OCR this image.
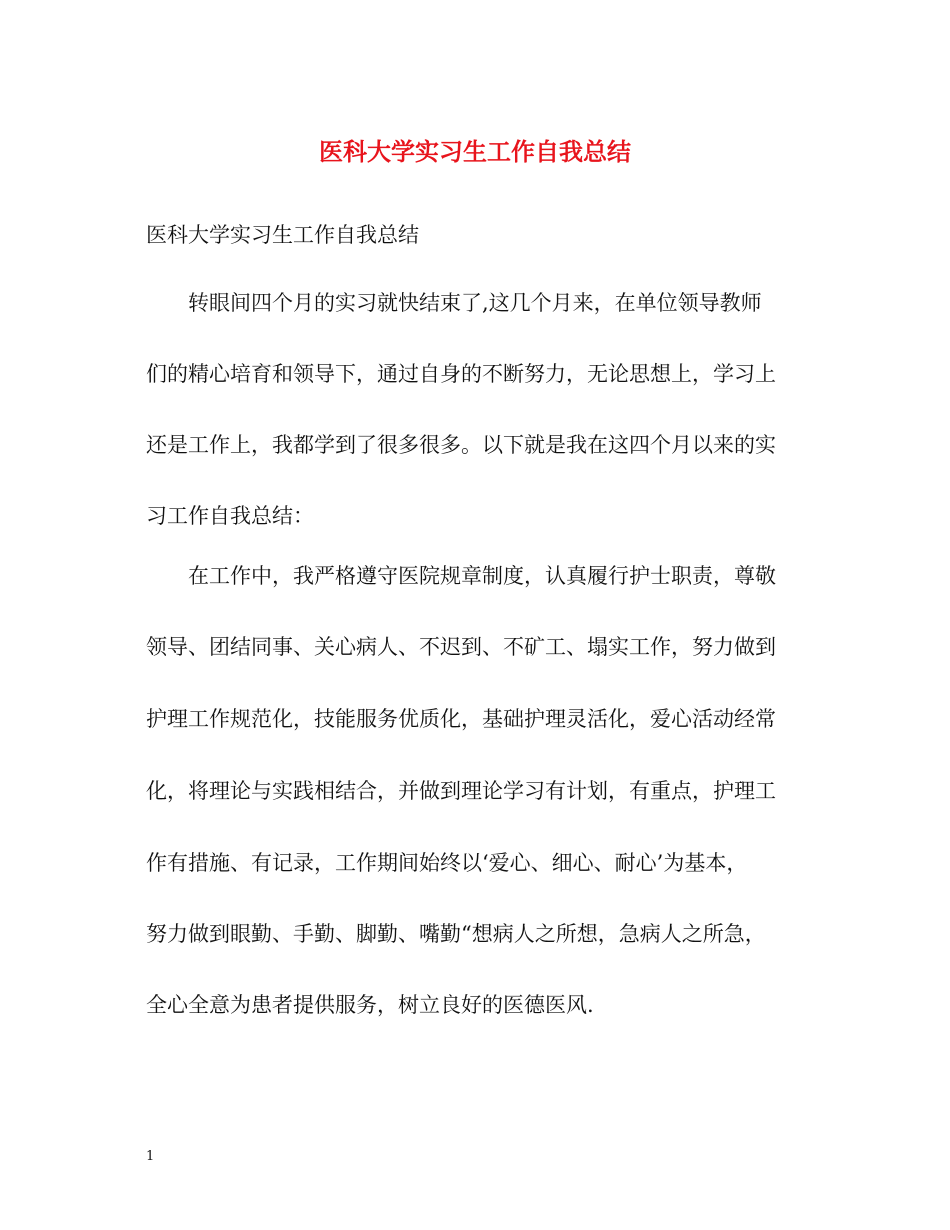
医科大学实习生工作自我总结
医科大学实习生工作自我总结
转眼间四个月的实习就快结束了,这几个月来，在单位领导教师
们的精心培育和领导下，通过自身的不断努力，无论思想上，学习上
还是工作上，我都学到了很多很多。以下就是我在这四个月以来的实
习工作自我总结：
在工作中，我严格遵守医院规章制度，认真履行护士职责，尊敬
领导、团结同事、关心病人、不迟到、不矿工、塌实工作，努力做到
护理工作规范化，技能服务优质化，基础护理灵活化，爱心活动经常
化，将理论与实践相结合，并做到理论学习有计划，有重点，护理工
作有措施、有记录，工作期间始终以‘爱心、细心、耐心’为基本，
努力做到眼勤、手勤、脚勤、嘴勤“想病人之所想，急病人之所急，
全心全意为患者提供服务，树立良好的医德医风.
1
